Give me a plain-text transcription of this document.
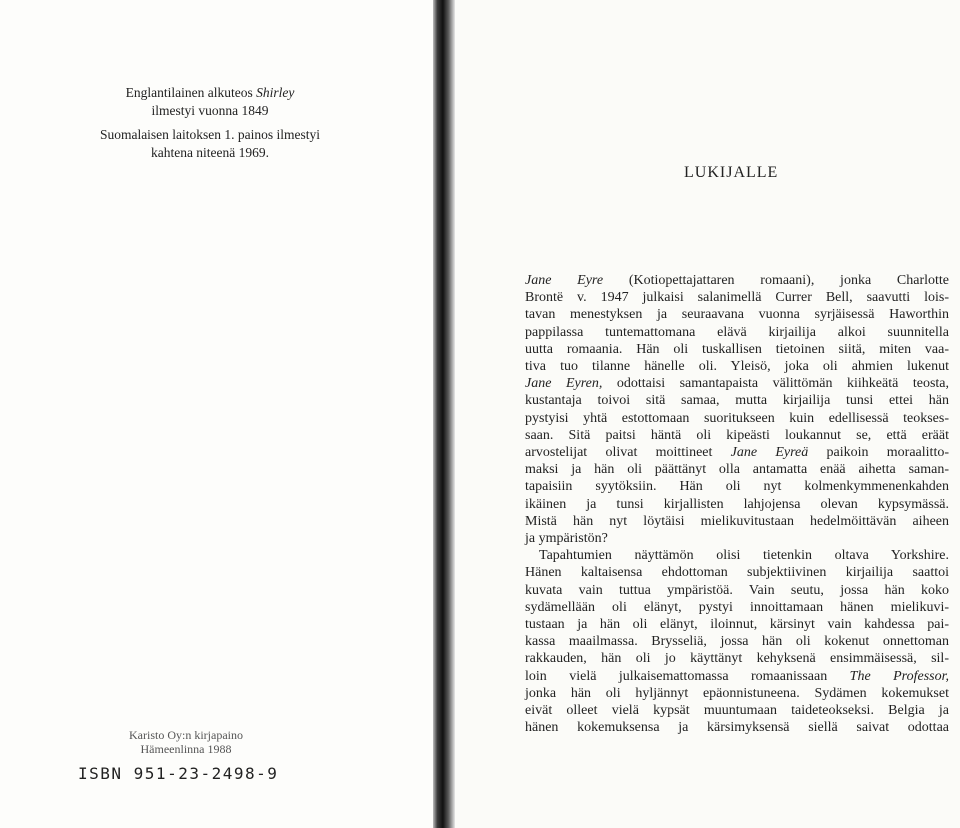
Englantilainen alkuteos Shirley
ilmestyi vuonna 1849
Suomalaisen laitoksen 1. painos ilmestyi
kahtena niteenä 1969.
Karisto Oy:n kirjapaino
Hämeenlinna 1988
ISBN 951-23-2498-9
LUKIJALLE
Jane Eyre (Kotiopettajattaren romaani), jonka Charlotte
Brontë v. 1947 julkaisi salanimellä Currer Bell, saavutti lois-
tavan menestyksen ja seuraavana vuonna syrjäisessä Haworthin
pappilassa tuntemattomana elävä kirjailija alkoi suunnitella
uutta romaania. Hän oli tuskallisen tietoinen siitä, miten vaa-
tiva tuo tilanne hänelle oli. Yleisö, joka oli ahmien lukenut
Jane Eyren, odottaisi samantapaista välittömän kiihkeätä teosta,
kustantaja toivoi sitä samaa, mutta kirjailija tunsi ettei hän
pystyisi yhtä estottomaan suoritukseen kuin edellisessä teokses-
saan. Sitä paitsi häntä oli kipeästi loukannut se, että eräät
arvostelijat olivat moittineet Jane Eyreä paikoin moraalitto-
maksi ja hän oli päättänyt olla antamatta enää aihetta saman-
tapaisiin syytöksiin. Hän oli nyt kolmenkymmenenkahden
ikäinen ja tunsi kirjallisten lahjojensa olevan kypsymässä.
Mistä hän nyt löytäisi mielikuvitustaan hedelmöittävän aiheen
ja ympäristön?
Tapahtumien näyttämön olisi tietenkin oltava Yorkshire.
Hänen kaltaisensa ehdottoman subjektiivinen kirjailija saattoi
kuvata vain tuttua ympäristöä. Vain seutu, jossa hän koko
sydämellään oli elänyt, pystyi innoittamaan hänen mielikuvi-
tustaan ja hän oli elänyt, iloinnut, kärsinyt vain kahdessa pai-
kassa maailmassa. Brysseliä, jossa hän oli kokenut onnettoman
rakkauden, hän oli jo käyttänyt kehyksenä ensimmäisessä, sil-
loin vielä julkaisemattomassa romaanissaan The Professor,
jonka hän oli hyljännyt epäonnistuneena. Sydämen kokemukset
eivät olleet vielä kypsät muuntumaan taideteokseksi. Belgia ja
hänen kokemuksensa ja kärsimyksensä siellä saivat odottaa
